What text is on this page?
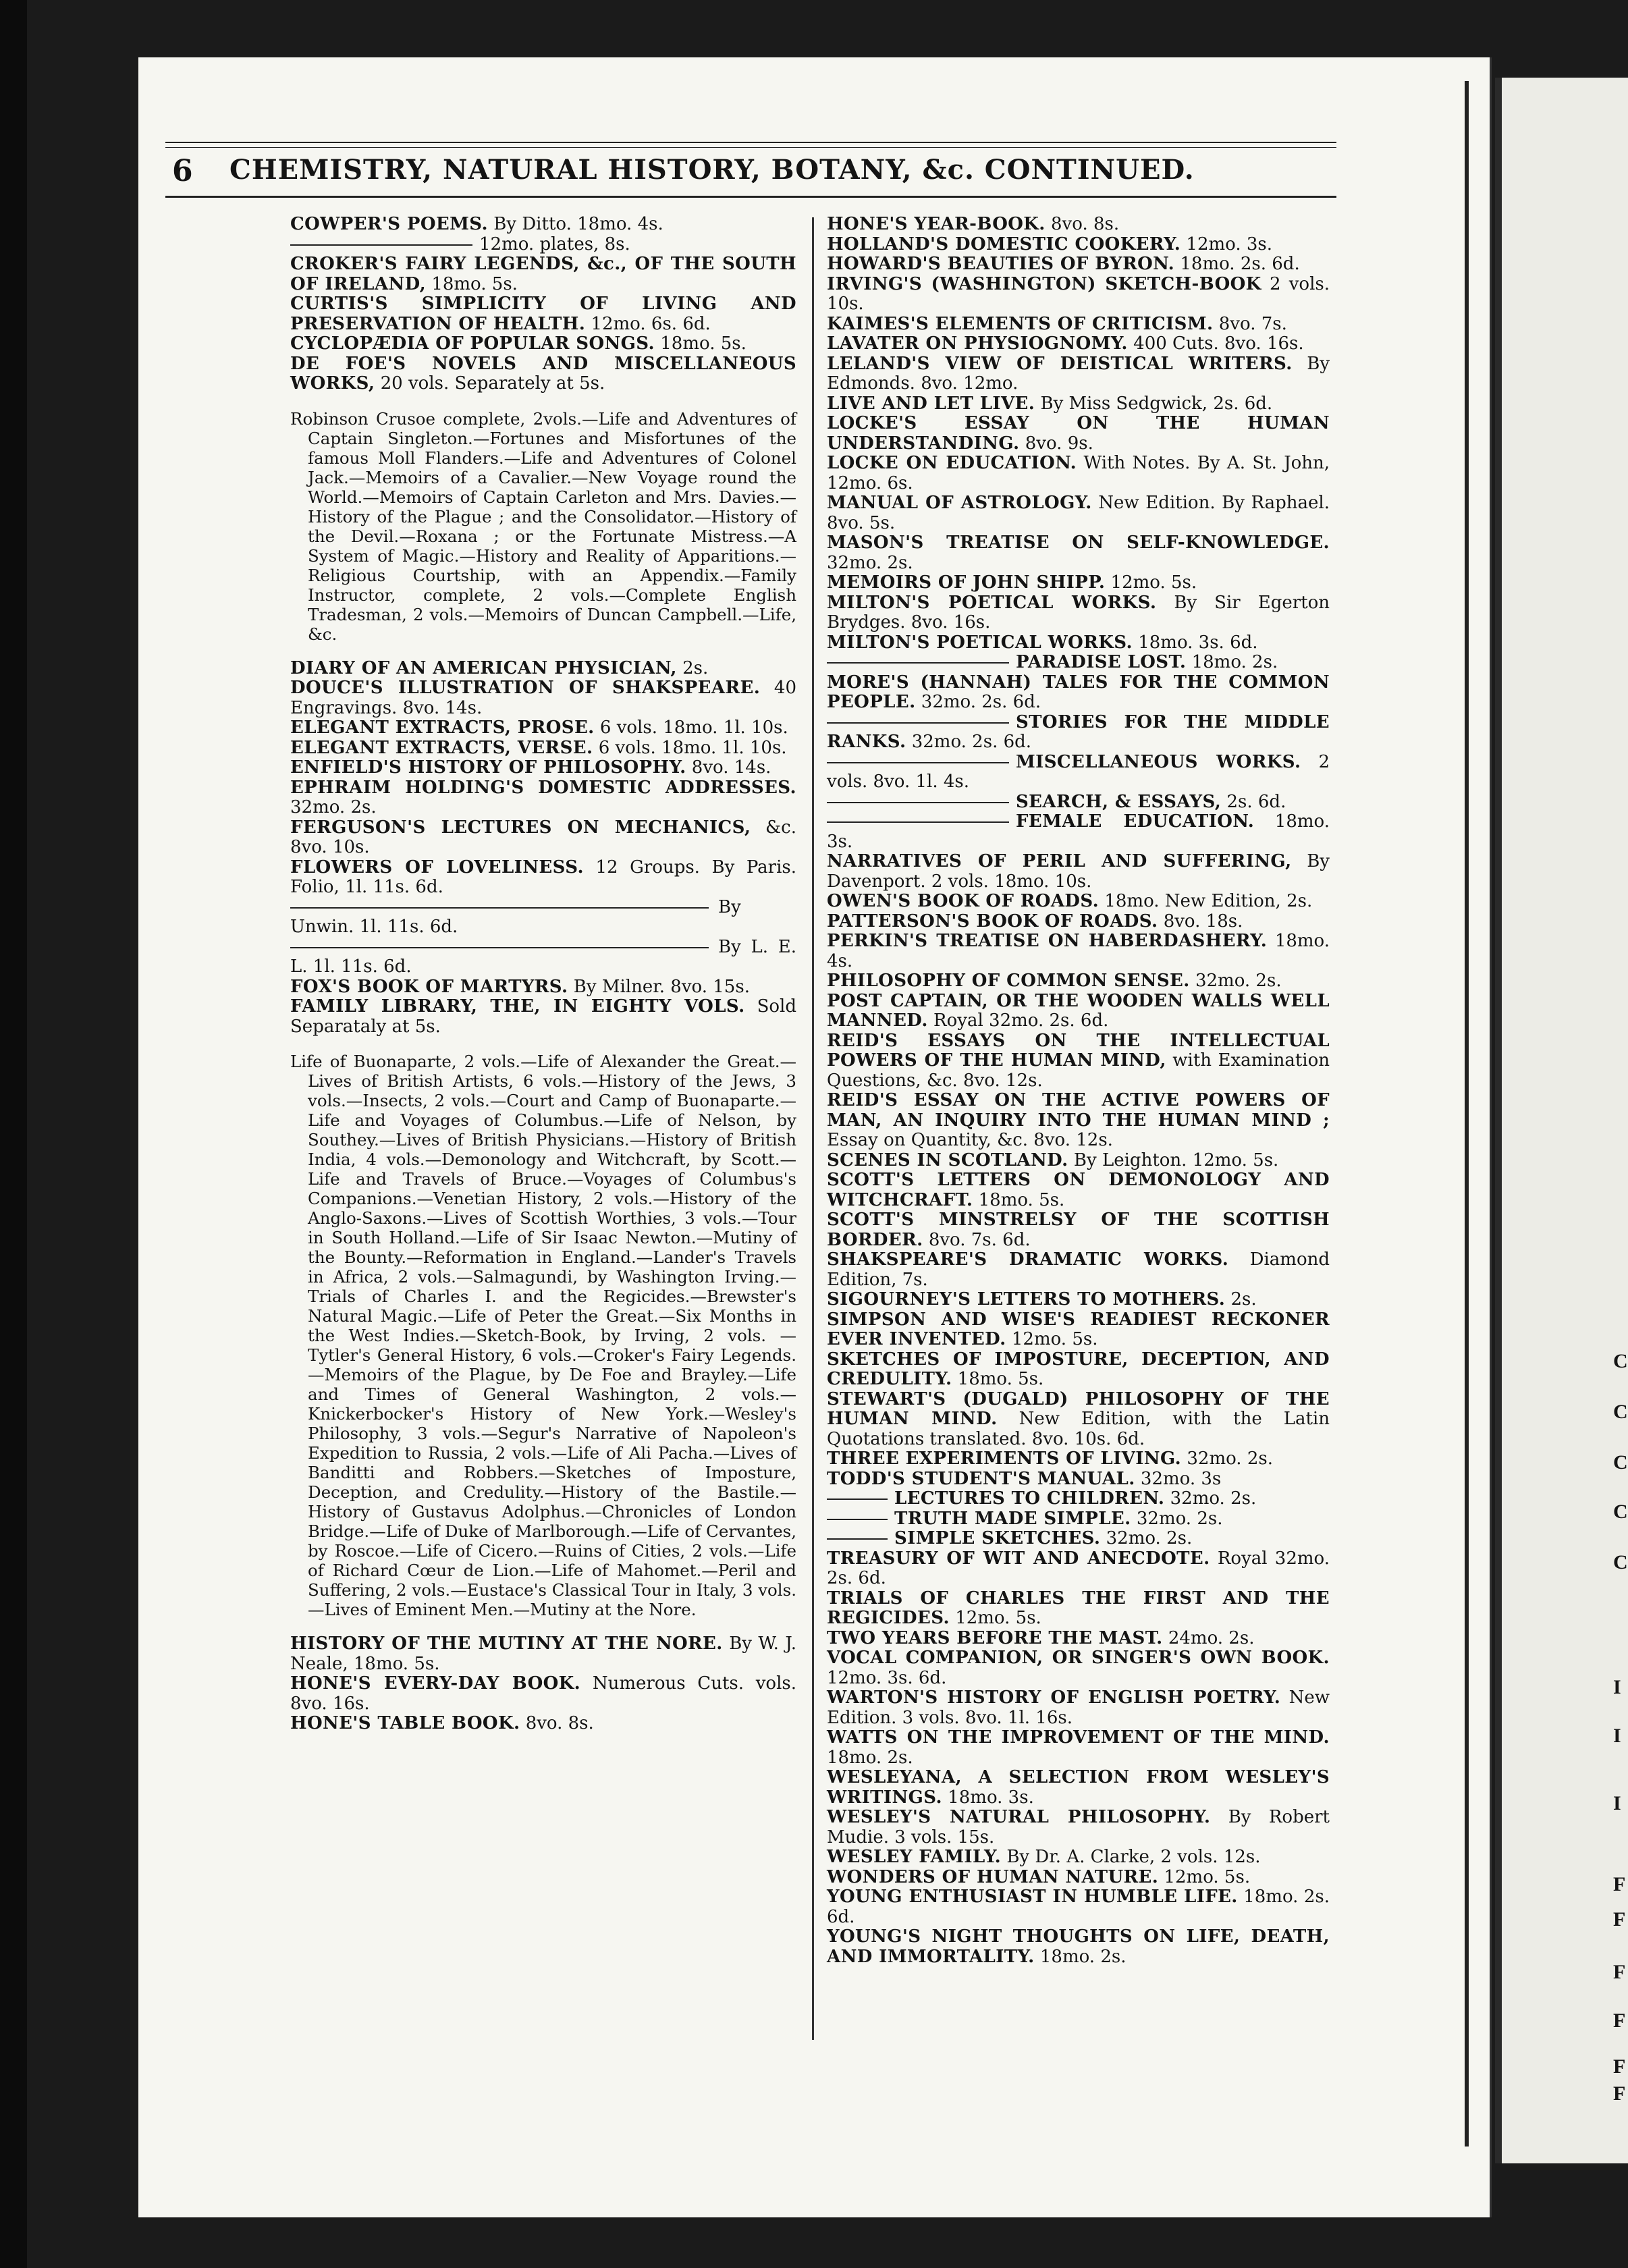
C
C
C
C
C
I
I
I
F
F
F
F
F
F
6 CHEMISTRY, NATURAL HISTORY, BOTANY, &c. CONTINUED.
COWPER'S POEMS. By Ditto. 18mo. 4s.
12mo. plates, 8s.
CROKER'S FAIRY LEGENDS, &c., OF THE SOUTH OF IRELAND, 18mo. 5s.
CURTIS'S SIMPLICITY OF LIVING AND PRESERVATION OF HEALTH. 12mo. 6s. 6d.
CYCLOPÆDIA OF POPULAR SONGS. 18mo. 5s.
DE FOE'S NOVELS AND MISCELLANEOUS WORKS, 20 vols. Separately at 5s.
Robinson Crusoe complete, 2vols.—Life and Adventures of Captain Singleton.—Fortunes and Misfortunes of the famous Moll Flanders.—Life and Adventures of Colonel Jack.—Memoirs of a Cavalier.—New Voyage round the World.—Memoirs of Captain Carleton and Mrs. Davies.—History of the Plague ; and the Consolidator.—History of the Devil.—Roxana ; or the Fortunate Mistress.—A System of Magic.—History and Reality of Apparitions.—Religious Courtship, with an Appendix.—Family Instructor, complete, 2 vols.—Complete English Tradesman, 2 vols.—Memoirs of Duncan Campbell.—Life, &c.
DIARY OF AN AMERICAN PHYSICIAN, 2s.
DOUCE'S ILLUSTRATION OF SHAKSPEARE. 40 Engravings. 8vo. 14s.
ELEGANT EXTRACTS, PROSE. 6 vols. 18mo. 1l. 10s.
ELEGANT EXTRACTS, VERSE. 6 vols. 18mo. 1l. 10s.
ENFIELD'S HISTORY OF PHILOSOPHY. 8vo. 14s.
EPHRAIM HOLDING'S DOMESTIC ADDRESSES. 32mo. 2s.
FERGUSON'S LECTURES ON MECHANICS, &c. 8vo. 10s.
FLOWERS OF LOVELINESS. 12 Groups. By Paris. Folio, 1l. 11s. 6d.
By Unwin. 1l. 11s. 6d.
By L. E. L. 1l. 11s. 6d.
FOX'S BOOK OF MARTYRS. By Milner. 8vo. 15s.
FAMILY LIBRARY, THE, IN EIGHTY VOLS. Sold Separataly at 5s.
Life of Buonaparte, 2 vols.—Life of Alexander the Great.—Lives of British Artists, 6 vols.—History of the Jews, 3 vols.—Insects, 2 vols.—Court and Camp of Buonaparte.—Life and Voyages of Columbus.—Life of Nelson, by Southey.—Lives of British Physicians.—History of British India, 4 vols.—Demonology and Witchcraft, by Scott.—Life and Travels of Bruce.—Voyages of Columbus's Companions.—Venetian History, 2 vols.—History of the Anglo-Saxons.—Lives of Scottish Worthies, 3 vols.—Tour in South Holland.—Life of Sir Isaac Newton.—Mutiny of the Bounty.—Reformation in England.—Lander's Travels in Africa, 2 vols.—Salmagundi, by Washington Irving.—Trials of Charles I. and the Regicides.—Brewster's Natural Magic.—Life of Peter the Great.—Six Months in the West Indies.—Sketch-Book, by Irving, 2 vols. — Tytler's General History, 6 vols.—Croker's Fairy Legends.—Memoirs of the Plague, by De Foe and Brayley.—Life and Times of General Washington, 2 vols.—Knickerbocker's History of New York.—Wesley's Philosophy, 3 vols.—Segur's Narrative of Napoleon's Expedition to Russia, 2 vols.—Life of Ali Pacha.—Lives of Banditti and Robbers.—Sketches of Imposture, Deception, and Credulity.—History of the Bastile.—History of Gustavus Adolphus.—Chronicles of London Bridge.—Life of Duke of Marlborough.—Life of Cervantes, by Roscoe.—Life of Cicero.—Ruins of Cities, 2 vols.—Life of Richard Cœur de Lion.—Life of Mahomet.—Peril and Suffering, 2 vols.—Eustace's Classical Tour in Italy, 3 vols.—Lives of Eminent Men.—Mutiny at the Nore.
HISTORY OF THE MUTINY AT THE NORE. By W. J. Neale, 18mo. 5s.
HONE'S EVERY-DAY BOOK. Numerous Cuts. vols. 8vo. 16s.
HONE'S TABLE BOOK. 8vo. 8s.
HONE'S YEAR-BOOK. 8vo. 8s.
HOLLAND'S DOMESTIC COOKERY. 12mo. 3s.
HOWARD'S BEAUTIES OF BYRON. 18mo. 2s. 6d.
IRVING'S (WASHINGTON) SKETCH-BOOK 2 vols. 10s.
KAIMES'S ELEMENTS OF CRITICISM. 8vo. 7s.
LAVATER ON PHYSIOGNOMY. 400 Cuts. 8vo. 16s.
LELAND'S VIEW OF DEISTICAL WRITERS. By Edmonds. 8vo. 12mo.
LIVE AND LET LIVE. By Miss Sedgwick, 2s. 6d.
LOCKE'S ESSAY ON THE HUMAN UNDERSTANDING. 8vo. 9s.
LOCKE ON EDUCATION. With Notes. By A. St. John, 12mo. 6s.
MANUAL OF ASTROLOGY. New Edition. By Raphael. 8vo. 5s.
MASON'S TREATISE ON SELF-KNOWLEDGE. 32mo. 2s.
MEMOIRS OF JOHN SHIPP. 12mo. 5s.
MILTON'S POETICAL WORKS. By Sir Egerton Brydges. 8vo. 16s.
MILTON'S POETICAL WORKS. 18mo. 3s. 6d.
PARADISE LOST. 18mo. 2s.
MORE'S (HANNAH) TALES FOR THE COMMON PEOPLE. 32mo. 2s. 6d.
STORIES FOR THE MIDDLE RANKS. 32mo. 2s. 6d.
MISCELLANEOUS WORKS. 2 vols. 8vo. 1l. 4s.
SEARCH, & ESSAYS, 2s. 6d.
FEMALE EDUCATION. 18mo. 3s.
NARRATIVES OF PERIL AND SUFFERING, By Davenport. 2 vols. 18mo. 10s.
OWEN'S BOOK OF ROADS. 18mo. New Edition, 2s.
PATTERSON'S BOOK OF ROADS. 8vo. 18s.
PERKIN'S TREATISE ON HABERDASHERY. 18mo. 4s.
PHILOSOPHY OF COMMON SENSE. 32mo. 2s.
POST CAPTAIN, OR THE WOODEN WALLS WELL MANNED. Royal 32mo. 2s. 6d.
REID'S ESSAYS ON THE INTELLECTUAL POWERS OF THE HUMAN MIND, with Examination Questions, &c. 8vo. 12s.
REID'S ESSAY ON THE ACTIVE POWERS OF MAN, AN INQUIRY INTO THE HUMAN MIND ; Essay on Quantity, &c. 8vo. 12s.
SCENES IN SCOTLAND. By Leighton. 12mo. 5s.
SCOTT'S LETTERS ON DEMONOLOGY AND WITCHCRAFT. 18mo. 5s.
SCOTT'S MINSTRELSY OF THE SCOTTISH BORDER. 8vo. 7s. 6d.
SHAKSPEARE'S DRAMATIC WORKS. Diamond Edition, 7s.
SIGOURNEY'S LETTERS TO MOTHERS. 2s.
SIMPSON AND WISE'S READIEST RECKONER EVER INVENTED. 12mo. 5s.
SKETCHES OF IMPOSTURE, DECEPTION, AND CREDULITY. 18mo. 5s.
STEWART'S (DUGALD) PHILOSOPHY OF THE HUMAN MIND. New Edition, with the Latin Quotations translated. 8vo. 10s. 6d.
THREE EXPERIMENTS OF LIVING. 32mo. 2s.
TODD'S STUDENT'S MANUAL. 32mo. 3s
LECTURES TO CHILDREN. 32mo. 2s.
TRUTH MADE SIMPLE. 32mo. 2s.
SIMPLE SKETCHES. 32mo. 2s.
TREASURY OF WIT AND ANECDOTE. Royal 32mo. 2s. 6d.
TRIALS OF CHARLES THE FIRST AND THE REGICIDES. 12mo. 5s.
TWO YEARS BEFORE THE MAST. 24mo. 2s.
VOCAL COMPANION, OR SINGER'S OWN BOOK. 12mo. 3s. 6d.
WARTON'S HISTORY OF ENGLISH POETRY. New Edition. 3 vols. 8vo. 1l. 16s.
WATTS ON THE IMPROVEMENT OF THE MIND. 18mo. 2s.
WESLEYANA, A SELECTION FROM WESLEY'S WRITINGS. 18mo. 3s.
WESLEY'S NATURAL PHILOSOPHY. By Robert Mudie. 3 vols. 15s.
WESLEY FAMILY. By Dr. A. Clarke, 2 vols. 12s.
WONDERS OF HUMAN NATURE. 12mo. 5s.
YOUNG ENTHUSIAST IN HUMBLE LIFE. 18mo. 2s. 6d.
YOUNG'S NIGHT THOUGHTS ON LIFE, DEATH, AND IMMORTALITY. 18mo. 2s.
